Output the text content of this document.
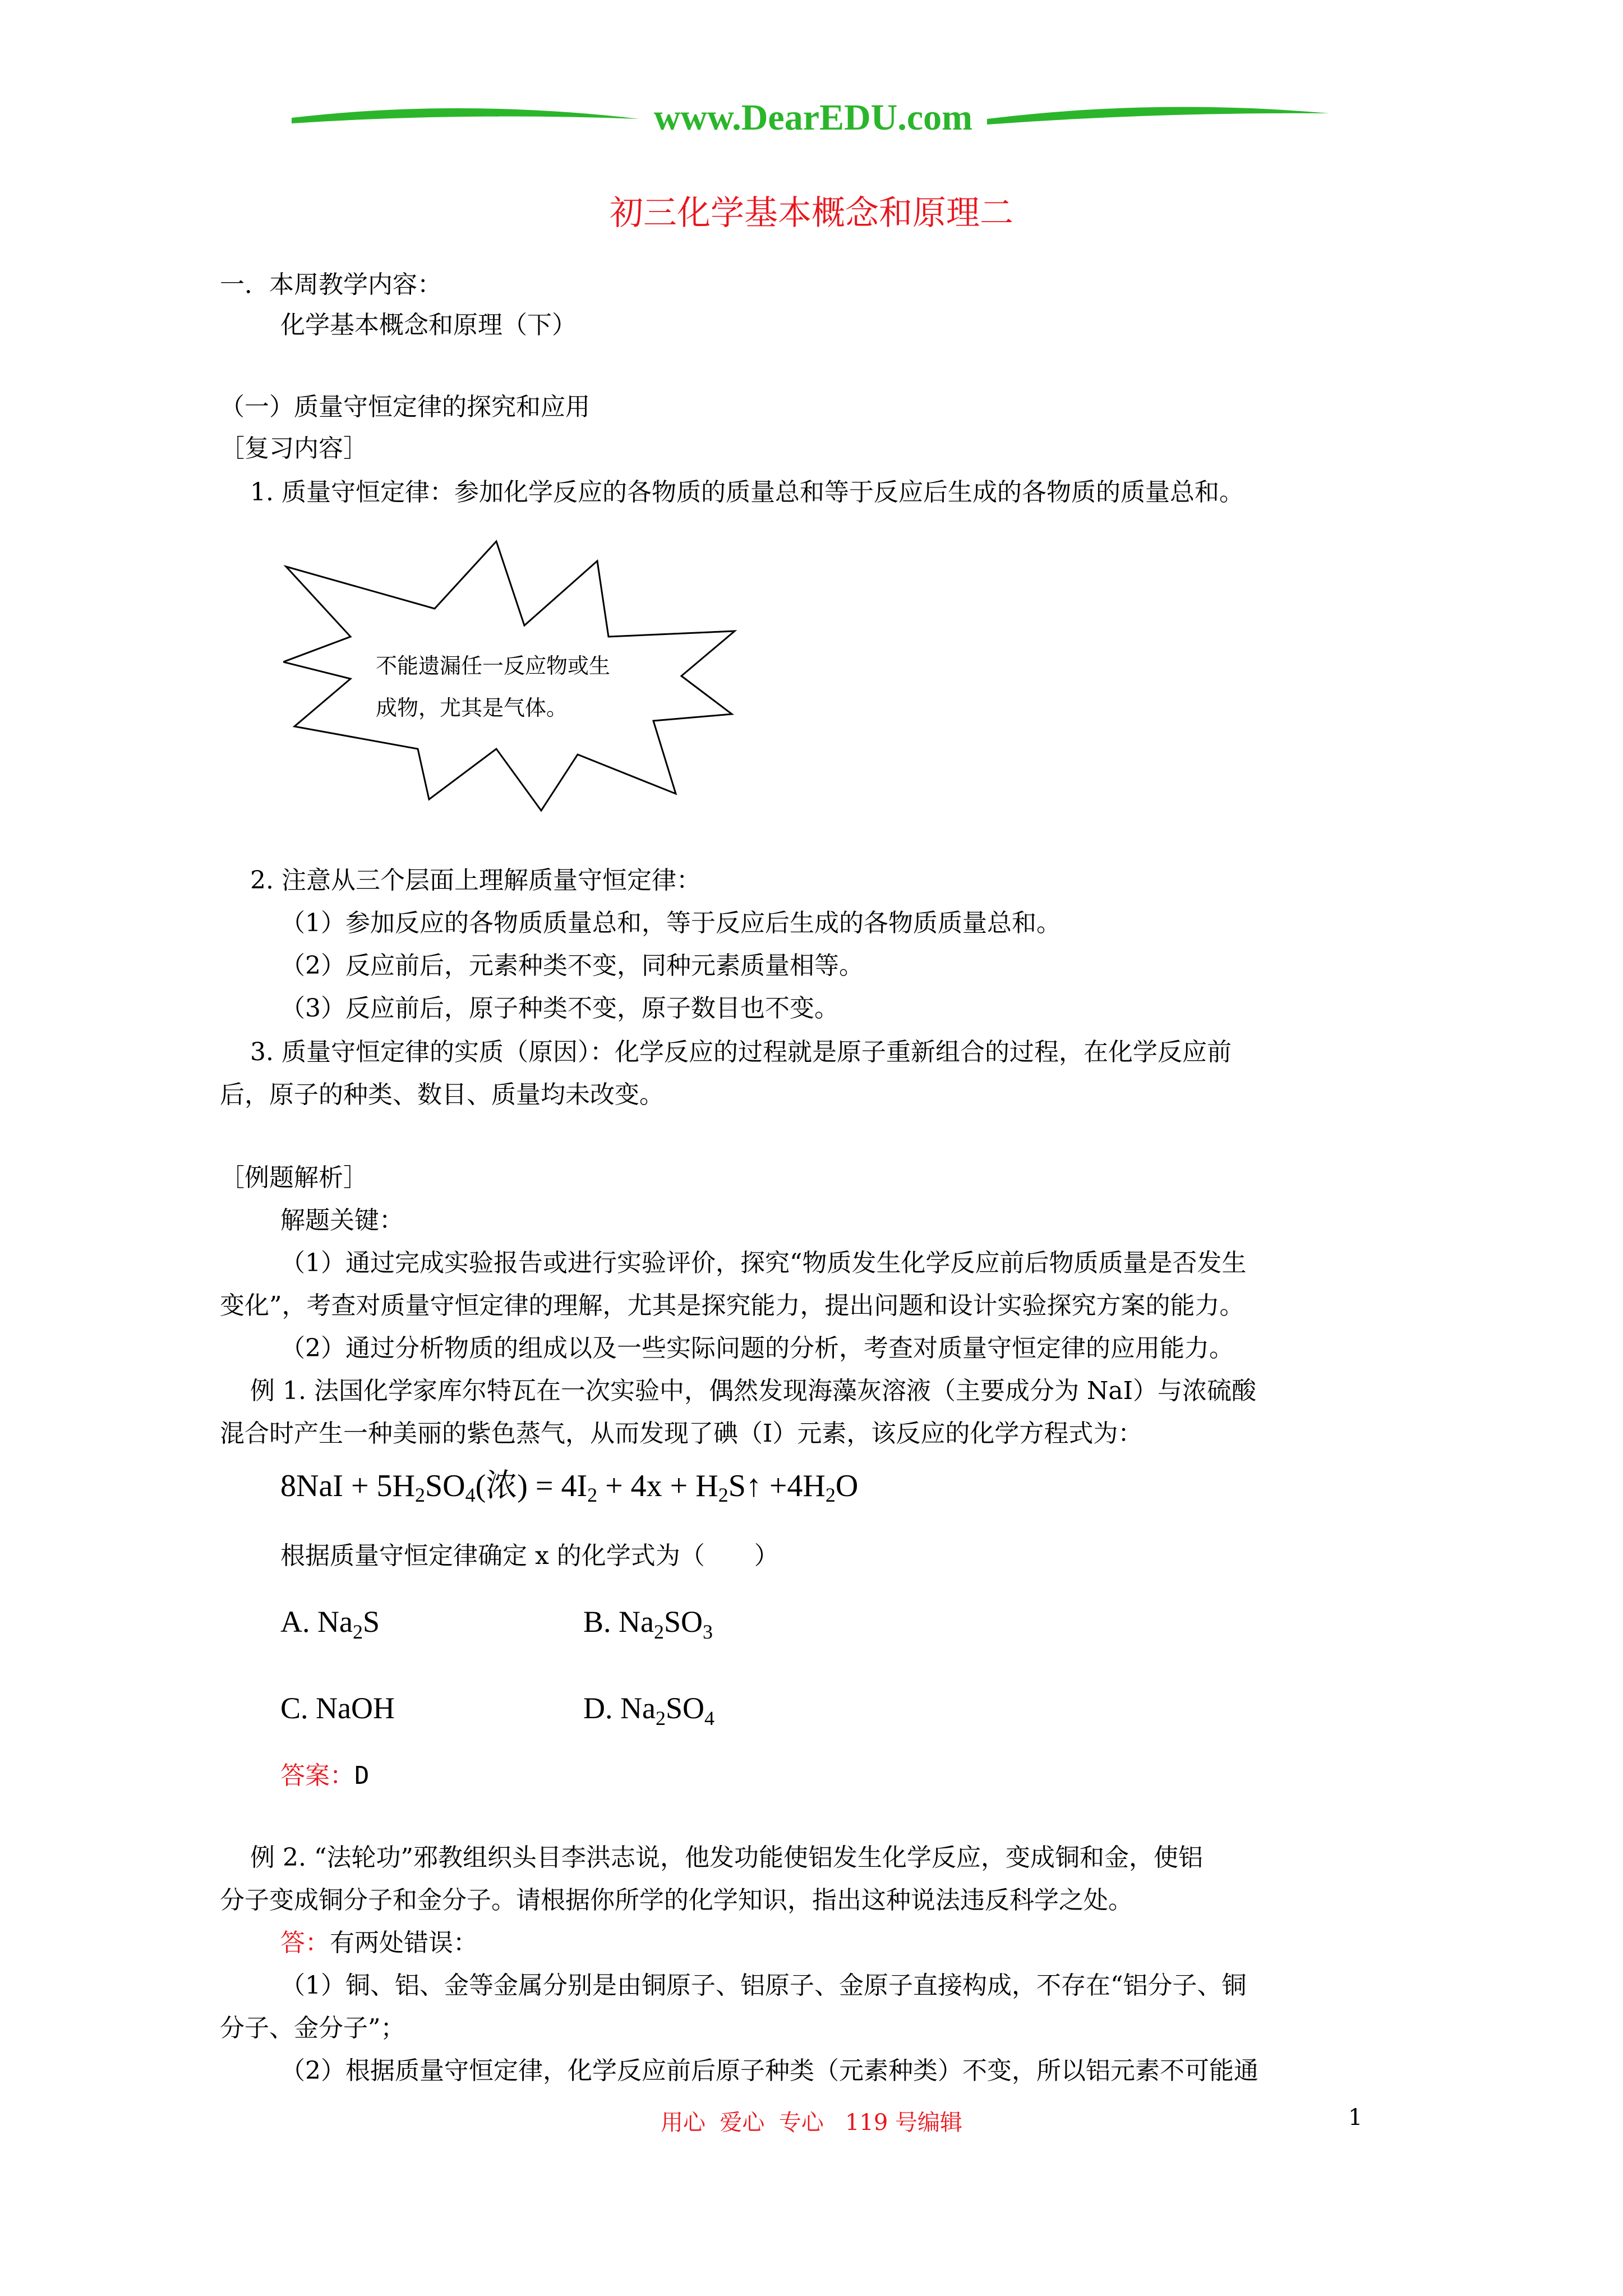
www.DearEDU.com
初三化学基本概念和原理二
一．本周教学内容：
化学基本概念和原理（下）
（一）质量守恒定律的探究和应用
［复习内容］
1. 质量守恒定律：参加化学反应的各物质的质量总和等于反应后生成的各物质的质量总和。
不能遗漏任一反应物或生
成物，尤其是气体。
2. 注意从三个层面上理解质量守恒定律：
（1）参加反应的各物质质量总和，等于反应后生成的各物质质量总和。
（2）反应前后，元素种类不变，同种元素质量相等。
（3）反应前后，原子种类不变，原子数目也不变。
3. 质量守恒定律的实质（原因）：化学反应的过程就是原子重新组合的过程，在化学反应前
后，原子的种类、数目、质量均未改变。
［例题解析］
解题关键：
（1）通过完成实验报告或进行实验评价，探究“物质发生化学反应前后物质质量是否发生
变化”，考查对质量守恒定律的理解，尤其是探究能力，提出问题和设计实验探究方案的能力。
（2）通过分析物质的组成以及一些实际问题的分析，考查对质量守恒定律的应用能力。
例 1. 法国化学家库尔特瓦在一次实验中，偶然发现海藻灰溶液（主要成分为 NaI）与浓硫酸
混合时产生一种美丽的紫色蒸气，从而发现了碘（I）元素，该反应的化学方程式为：
$8NaI + 5H_2SO_4$(浓) = $4I_2 + 4x$ + $H_2S↑ +4H_2O$
根据质量守恒定律确定 x 的化学式为（　　）
A. $Na_2S$	B. $Na_2SO_3$
C. NaOH	D. $Na_2SO_4$
答案：D
例 2. “法轮功”邪教组织头目李洪志说，他发功能使铝发生化学反应，变成铜和金，使铝
分子变成铜分子和金分子。请根据你所学的化学知识，指出这种说法违反科学之处。
答：有两处错误：
（1）铜、铝、金等金属分别是由铜原子、铝原子、金原子直接构成，不存在“铝分子、铜
分子、金分子”；
（2）根据质量守恒定律，化学反应前后原子种类（元素种类）不变，所以铝元素不可能通
用心  爱心  专心   119 号编辑	1
